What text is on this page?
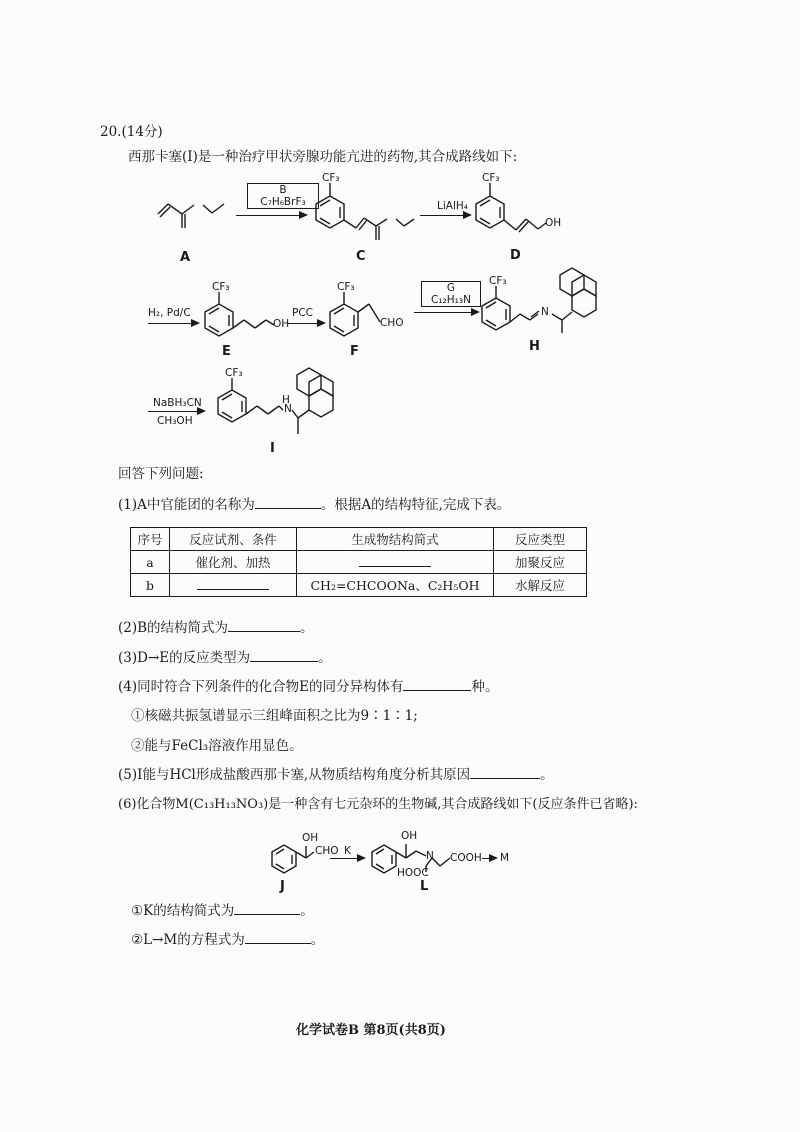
20.(14分)
西那卡塞(I)是一种治疗甲状旁腺功能亢进的药物,其合成路线如下:
CF₃	CF₃
OH
A	C	D
B
C₇H₆BrF₃	LiAlH₄
H₂, Pd/C
CF₃
OH
E
PCC
CF₃
CHO
F
G
C₁₂H₁₃N
CF₃
N
H
NaBH₃CN
CH₃OH
CF₃
H
N
I
回答下列问题:
(1)A中官能团的名称为	。根据A的结构特征,完成下表。
序号	反应试剂、条件	生成物结构简式	反应类型
a	催化剂、加热		加聚反应
b		CH₂=CHCOONa、C₂H₅OH	水解反应
(2)B的结构简式为	。
(3)D→E的反应类型为	。
(4)同时符合下列条件的化合物E的同分异构体有	种。
①核磁共振氢谱显示三组峰面积之比为9∶1∶1;
②能与FeCl₃溶液作用显色。
(5)I能与HCl形成盐酸西那卡塞,从物质结构角度分析其原因	。
(6)化合物M(C₁₃H₁₃NO₃)是一种含有七元杂环的生物碱,其合成路线如下(反应条件已省略):
OH
CHO
J
K
OH
N COOH M
HOOC
L
①K的结构简式为	。
②L→M的方程式为	。
化学试卷B 第8页(共8页)
